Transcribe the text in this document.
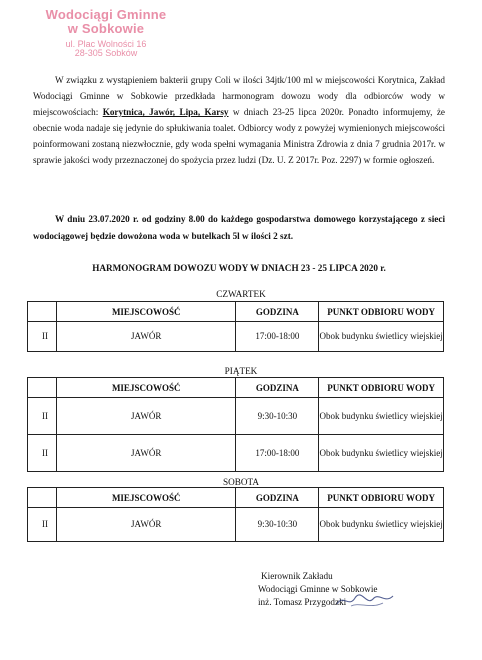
Wodociągi Gminne
w Sobkowie
ul. Plac Wolności 16
28-305 Sobków
W związku z wystąpieniem bakterii grupy Coli w ilości 34jtk/100 ml w miejscowości Korytnica, Zakład Wodociągi Gminne w Sobkowie przedkłada harmonogram dowozu wody dla odbiorców wody w miejscowościach: Korytnica, Jawór, Lipa, Karsy w dniach 23-25 lipca 2020r. Ponadto informujemy, że obecnie woda nadaje się jedynie do spłukiwania toalet. Odbiorcy wody z powyżej wymienionych miejscowości poinformowani zostaną niezwłocznie, gdy woda spełni wymagania Ministra Zdrowia z dnia 7 grudnia 2017r. w sprawie jakości wody przeznaczonej do spożycia przez ludzi (Dz. U. Z 2017r. Poz. 2297) w formie ogłoszeń.
W dniu 23.07.2020 r. od godziny 8.00 do każdego gospodarstwa domowego korzystającego z sieci wodociągowej będzie dowożona woda w butelkach 5l w ilości 2 szt.
HARMONOGRAM DOWOZU WODY W DNIACH 23 - 25 LIPCA 2020 r.
CZWARTEK
	MIEJSCOWOŚĆ	GODZINA	PUNKT ODBIORU WODY
II	JAWÓR	17:00-18:00	Obok budynku świetlicy wiejskiej
PIĄTEK
	MIEJSCOWOŚĆ	GODZINA	PUNKT ODBIORU WODY
II	JAWÓR	9:30-10:30	Obok budynku świetlicy wiejskiej
II	JAWÓR	17:00-18:00	Obok budynku świetlicy wiejskiej
SOBOTA
	MIEJSCOWOŚĆ	GODZINA	PUNKT ODBIORU WODY
II	JAWÓR	9:30-10:30	Obok budynku świetlicy wiejskiej
Kierownik Zakładu
Wodociągi Gminne w Sobkowie
inż. Tomasz Przygodzki
